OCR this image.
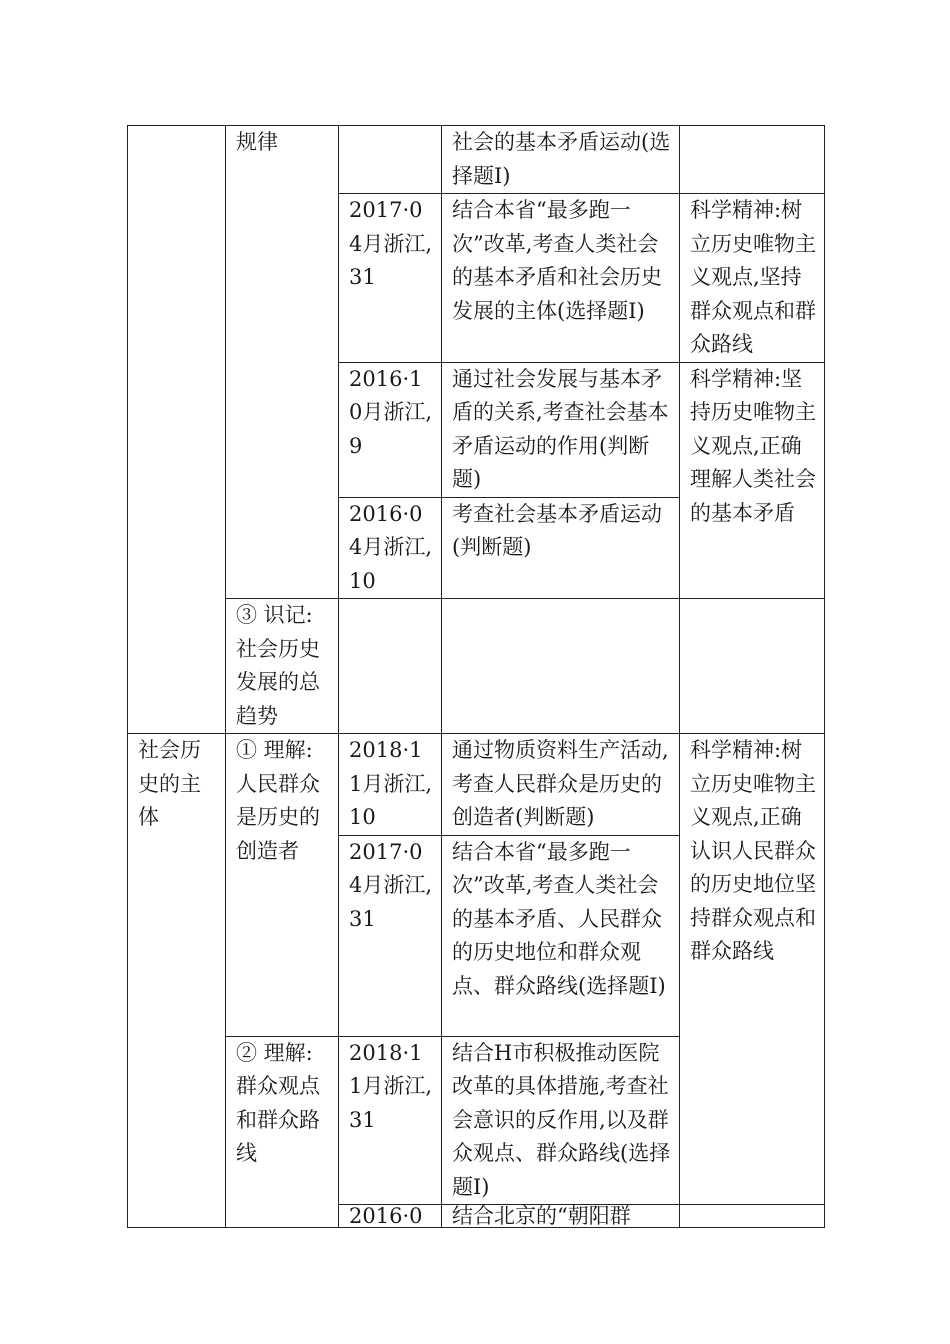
	规律		社会的基本矛盾运动(选择题Ⅰ)	
		2017·04月浙江,31	结合本省“最多跑一次”改革,考查人类社会的基本矛盾和社会历史发展的主体(选择题Ⅰ)	科学精神:树立历史唯物主义观点,坚持群众观点和群众路线
		2016·10月浙江,9	通过社会发展与基本矛盾的关系,考查社会基本矛盾运动的作用(判断题)	科学精神:坚持历史唯物主义观点,正确理解人类社会的基本矛盾
		2016·04月浙江,10	考查社会基本矛盾运动(判断题)	
	③ 识记:社会历史发展的总趋势			
社会历史的主体	① 理解:人民群众是历史的创造者	2018·11月浙江,10	通过物质资料生产活动,考查人民群众是历史的创造者(判断题)	科学精神:树立历史唯物主义观点,正确认识人民群众的历史地位坚持群众观点和群众路线
		2017·04月浙江,31	结合本省“最多跑一次”改革,考查人类社会的基本矛盾、人民群众的历史地位和群众观点、群众路线(选择题Ⅰ)	
	② 理解:群众观点和群众路线	2018·11月浙江,31	结合H市积极推动医院改革的具体措施,考查社会意识的反作用,以及群众观点、群众路线(选择题Ⅰ)	
		2016·0	结合北京的“朝阳群	
